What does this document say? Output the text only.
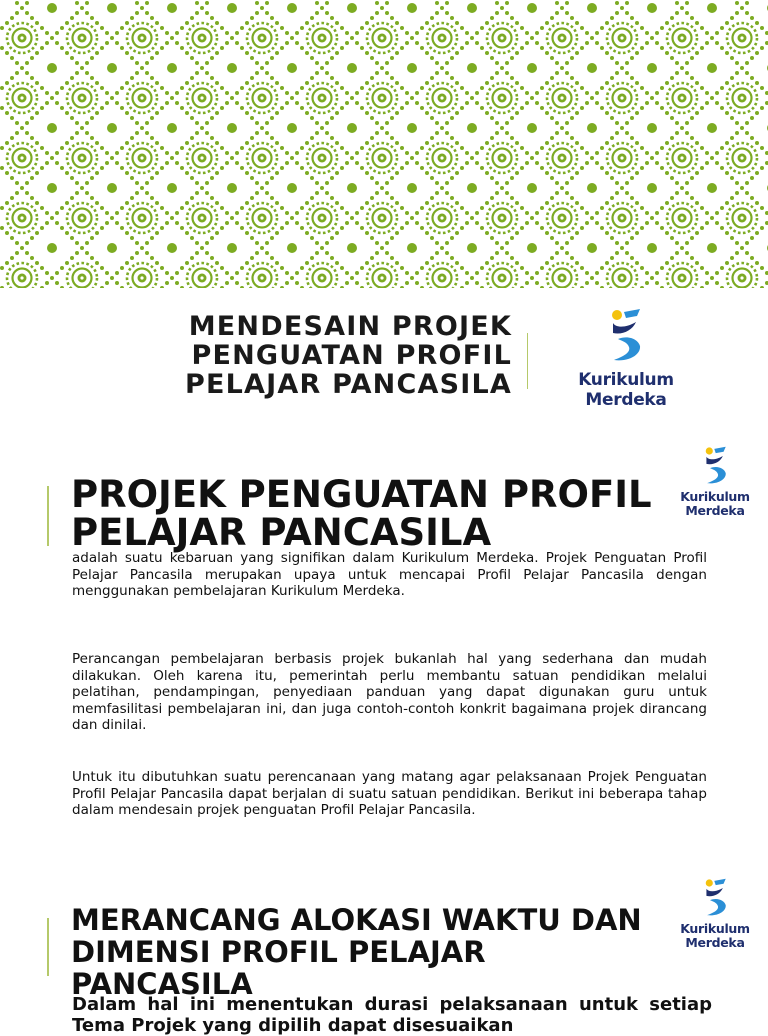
MENDESAIN PROJEK PENGUATAN PROFIL PELAJAR PANCASILA	Kurikulum
Merdeka
PROJEK PENGUATAN PROFIL PELAJAR PANCASILA
Kurikulum
Merdeka

adalah suatu kebaruan yang signifikan dalam Kurikulum Merdeka. Projek Penguatan Profil Pelajar Pancasila merupakan upaya untuk mencapai Profil Pelajar Pancasila dengan menggunakan pembelajaran Kurikulum Merdeka.

Perancangan pembelajaran berbasis projek bukanlah hal yang sederhana dan mudah dilakukan. Oleh karena itu, pemerintah perlu membantu satuan pendidikan melalui pelatihan, pendampingan, penyediaan panduan yang dapat digunakan guru untuk memfasilitasi pembelajaran ini, dan juga contoh-contoh konkrit bagaimana projek dirancang dan dinilai.

Untuk itu dibutuhkan suatu perencanaan yang matang agar pelaksanaan Projek Penguatan Profil Pelajar Pancasila dapat berjalan di suatu satuan pendidikan. Berikut ini beberapa tahap dalam mendesain projek penguatan Profil Pelajar Pancasila.

MERANCANG ALOKASI WAKTU DAN DIMENSI PROFIL PELAJAR PANCASILA
Kurikulum
Merdeka

Dalam hal ini menentukan durasi pelaksanaan untuk setiap Tema Projek yang dipilih dapat disesuaikan
